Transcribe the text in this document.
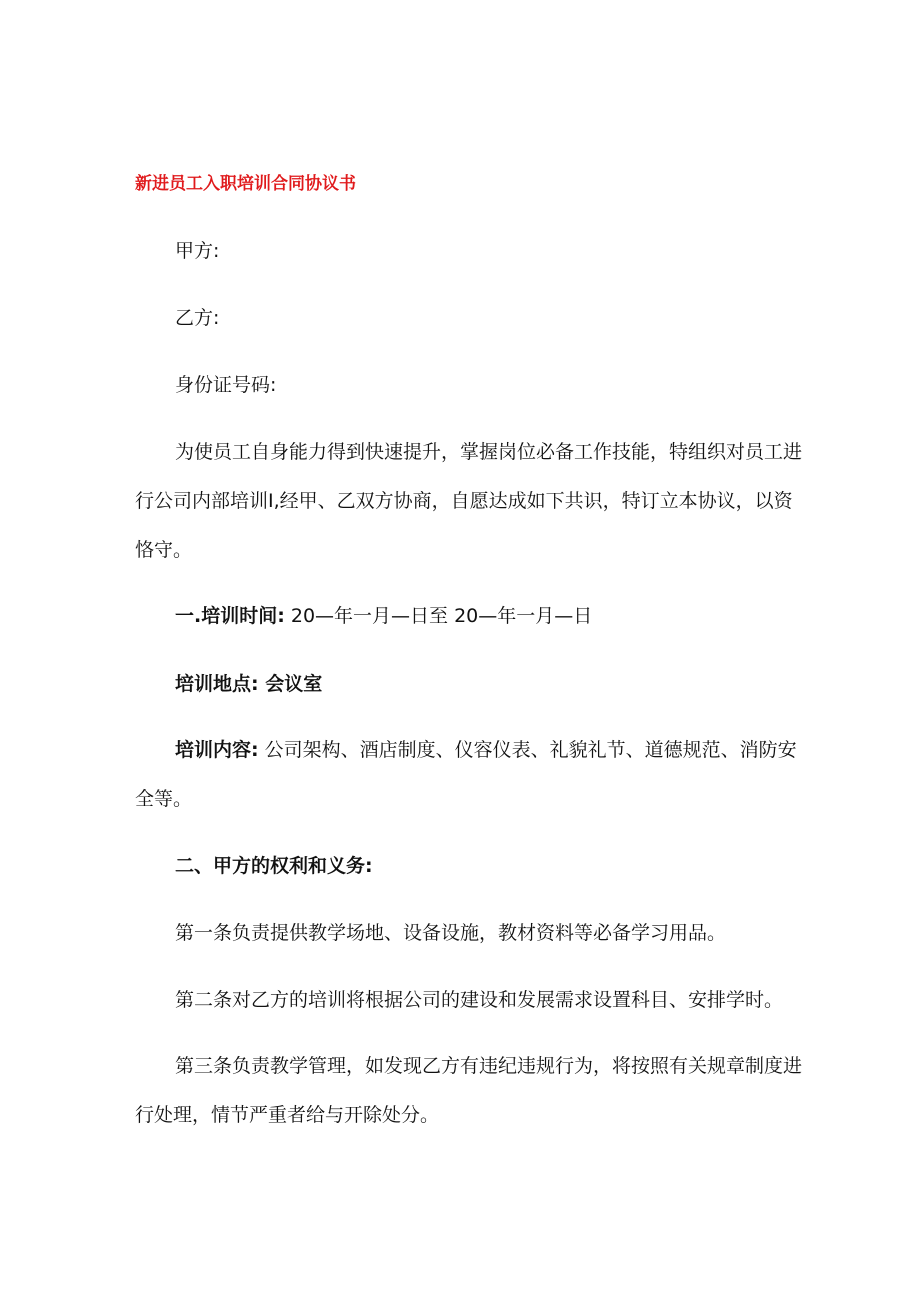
新进员工入职培训合同协议书
甲方:
乙方:
身份证号码:
为使员工自身能力得到快速提升，掌握岗位必备工作技能，特组织对员工进
行公司内部培训I,经甲、乙双方协商，自愿达成如下共识，特订立本协议，以资
恪守。
一.培训时间: 20—年一月—日至 20—年一月—日
培训地点: 会议室
培训内容: 公司架构、酒店制度、仪容仪表、礼貌礼节、道德规范、消防安
全等。
二、甲方的权利和义务:
第一条负责提供教学场地、设备设施，教材资料等必备学习用品。
第二条对乙方的培训将根据公司的建设和发展需求设置科目、安排学时。
第三条负责教学管理，如发现乙方有违纪违规行为，将按照有关规章制度进
行处理，情节严重者给与开除处分。
